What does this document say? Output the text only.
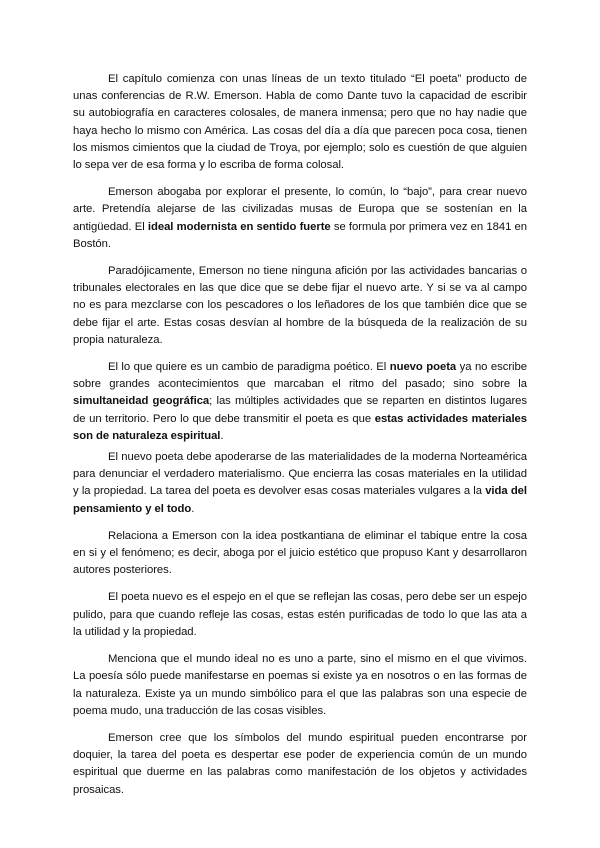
El capítulo comienza con unas líneas de un texto titulado “El poeta” producto de unas conferencias de R.W. Emerson. Habla de como Dante tuvo la capacidad de escribir su autobiografía en caracteres colosales, de manera inmensa; pero que no hay nadie que haya hecho lo mismo con América. Las cosas del día a día que parecen poca cosa, tienen los mismos cimientos que la ciudad de Troya, por ejemplo; solo es cuestión de que alguien lo sepa ver de esa forma y lo escriba de forma colosal.

Emerson abogaba por explorar el presente, lo común, lo “bajo”, para crear nuevo arte. Pretendía alejarse de las civilizadas musas de Europa que se sostenían en la antigüedad. El ideal modernista en sentido fuerte se formula por primera vez en 1841 en Bostón.

Paradójicamente, Emerson no tiene ninguna afición por las actividades bancarias o tribunales electorales en las que dice que se debe fijar el nuevo arte. Y si se va al campo no es para mezclarse con los pescadores o los leñadores de los que también dice que se debe fijar el arte. Estas cosas desvían al hombre de la búsqueda de la realización de su propia naturaleza.

El lo que quiere es un cambio de paradigma poético. El nuevo poeta ya no escribe sobre grandes acontecimientos que marcaban el ritmo del pasado; sino sobre la simultaneidad geográfica; las múltiples actividades que se reparten en distintos lugares de un territorio. Pero lo que debe transmitir el poeta es que estas actividades materiales son de naturaleza espiritual.

El nuevo poeta debe apoderarse de las materialidades de la moderna Norteamérica para denunciar el verdadero materialismo. Que encierra las cosas materiales en la utilidad y la propiedad. La tarea del poeta es devolver esas cosas materiales vulgares a la vida del pensamiento y el todo.

Relaciona a Emerson con la idea postkantiana de eliminar el tabique entre la cosa en si y el fenómeno; es decir, aboga por el juicio estético que propuso Kant y desarrollaron autores posteriores.

El poeta nuevo es el espejo en el que se reflejan las cosas, pero debe ser un espejo pulido, para que cuando refleje las cosas, estas estén purificadas de todo lo que las ata a la utilidad y la propiedad.

Menciona que el mundo ideal no es uno a parte, sino el mismo en el que vivimos. La poesía sólo puede manifestarse en poemas si existe ya en nosotros o en las formas de la naturaleza. Existe ya un mundo simbólico para el que las palabras son una especie de poema mudo, una traducción de las cosas visibles.

Emerson cree que los símbolos del mundo espiritual pueden encontrarse por doquier, la tarea del poeta es despertar ese poder de experiencia común de un mundo espiritual que duerme en las palabras como manifestación de los objetos y actividades prosaicas.
